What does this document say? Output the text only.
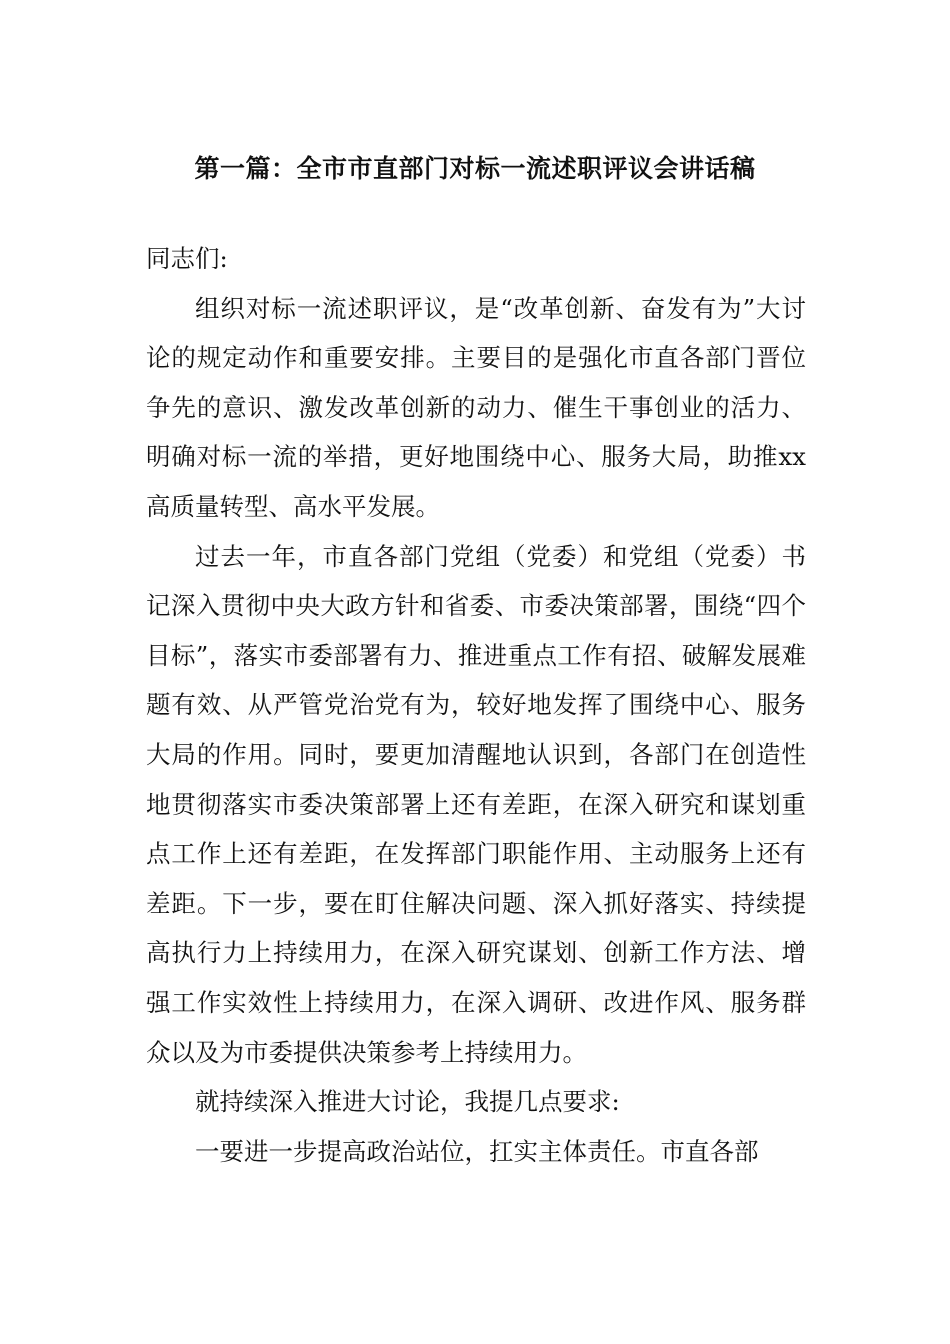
第一篇：全市市直部门对标一流述职评议会讲话稿

同志们:

组织对标一流述职评议，是“改革创新、奋发有为”大讨论的规定动作和重要安排。主要目的是强化市直各部门晋位争先的意识、激发改革创新的动力、催生干事创业的活力、明确对标一流的举措，更好地围绕中心、服务大局，助推xx高质量转型、高水平发展。

过去一年，市直各部门党组（党委）和党组（党委）书记深入贯彻中央大政方针和省委、市委决策部署，围绕“四个目标”，落实市委部署有力、推进重点工作有招、破解发展难题有效、从严管党治党有为，较好地发挥了围绕中心、服务大局的作用。同时，要更加清醒地认识到，各部门在创造性地贯彻落实市委决策部署上还有差距，在深入研究和谋划重点工作上还有差距，在发挥部门职能作用、主动服务上还有差距。下一步，要在盯住解决问题、深入抓好落实、持续提高执行力上持续用力，在深入研究谋划、创新工作方法、增强工作实效性上持续用力，在深入调研、改进作风、服务群众以及为市委提供决策参考上持续用力。

就持续深入推进大讨论，我提几点要求:

一要进一步提高政治站位，扛实主体责任。市直各部
